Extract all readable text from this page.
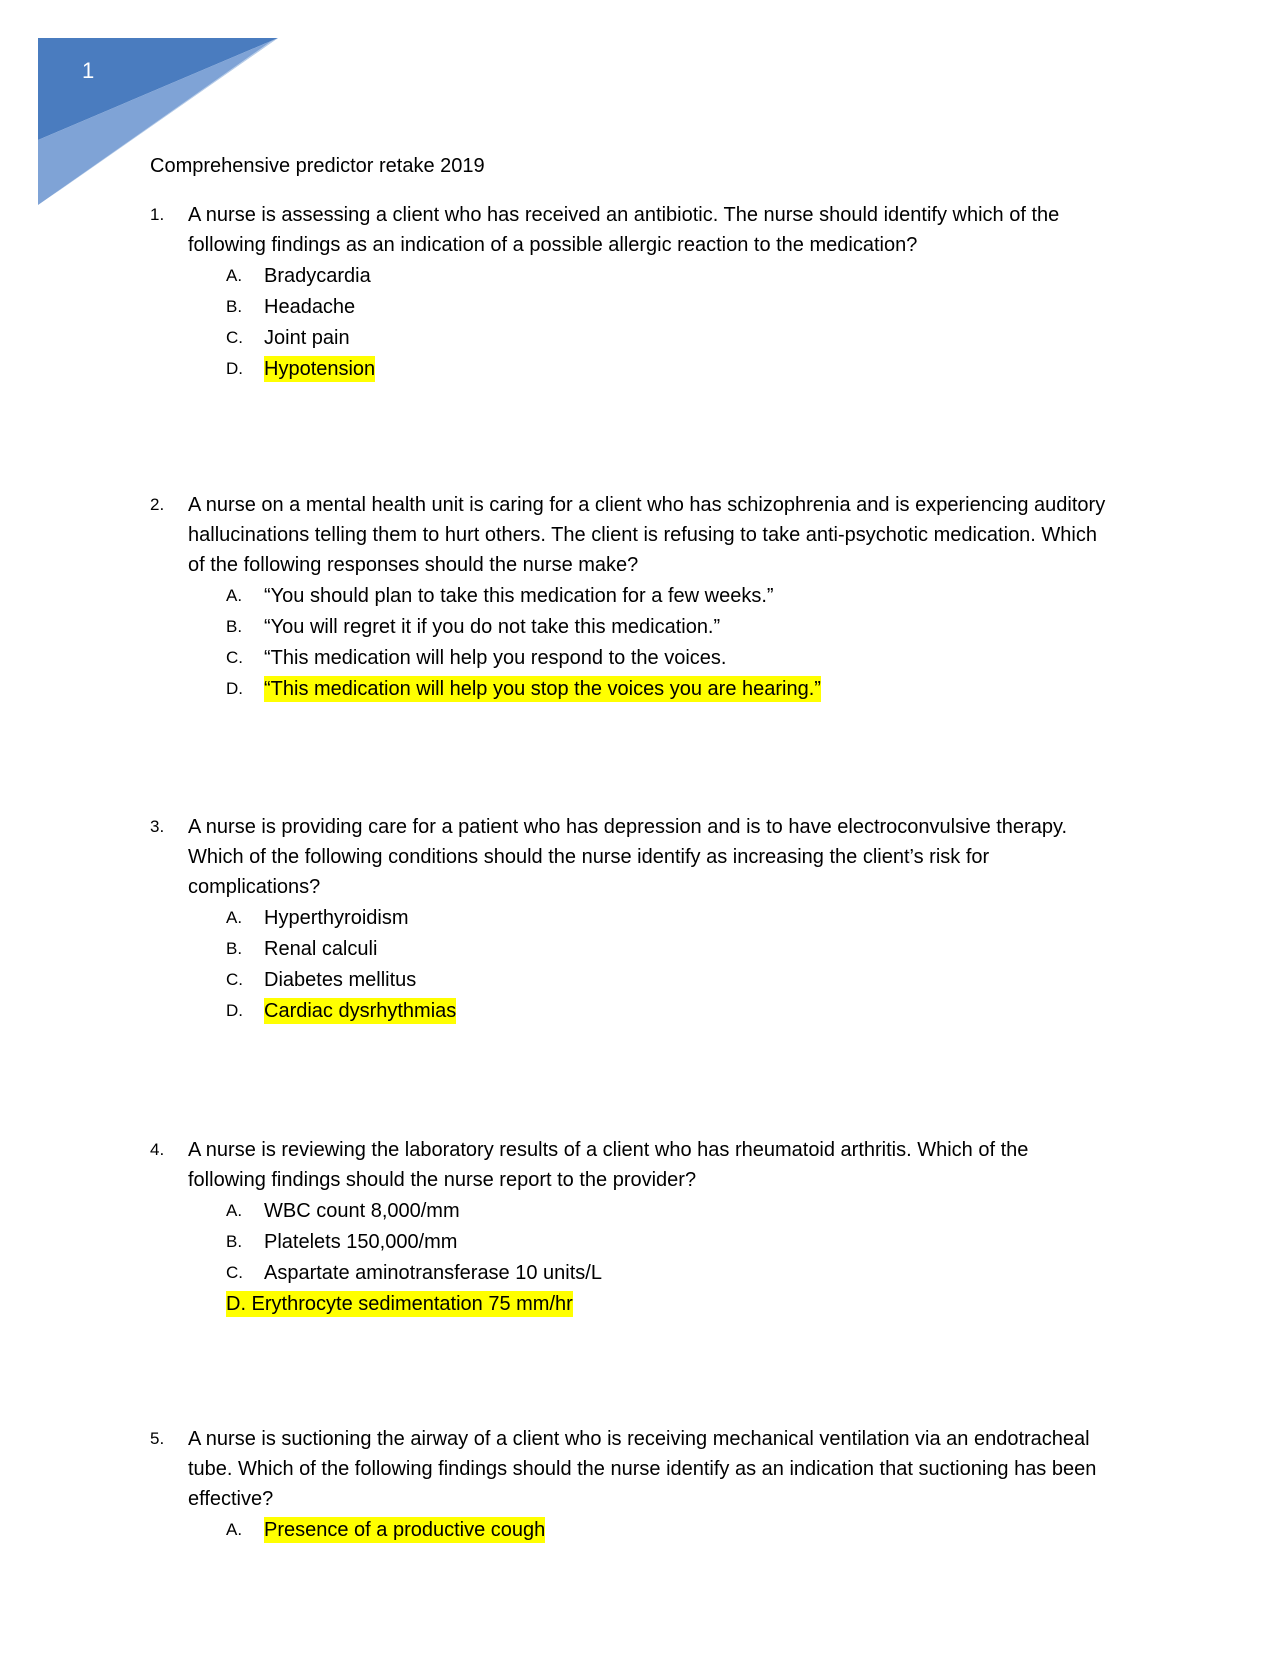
1
Comprehensive predictor retake 2019
1.	A nurse is assessing a client who has received an antibiotic. The nurse should identify which of the following findings as an indication of a possible allergic reaction to the medication?
A.	Bradycardia
B.	Headache
C.	Joint pain
D.	Hypotension
2.	A nurse on a mental health unit is caring for a client who has schizophrenia and is experiencing auditory hallucinations telling them to hurt others. The client is refusing to take anti-psychotic medication. Which of the following responses should the nurse make?
A.	“You should plan to take this medication for a few weeks.”
B.	“You will regret it if you do not take this medication.”
C.	“This medication will help you respond to the voices.
D.	“This medication will help you stop the voices you are hearing.”
3.	A nurse is providing care for a patient who has depression and is to have electroconvulsive therapy. Which of the following conditions should the nurse identify as increasing the client’s risk for complications?
A.	Hyperthyroidism
B.	Renal calculi
C.	Diabetes mellitus
D.	Cardiac dysrhythmias
4.	A nurse is reviewing the laboratory results of a client who has rheumatoid arthritis. Which of the following findings should the nurse report to the provider?
A.	WBC count 8,000/mm
B.	Platelets 150,000/mm
C.	Aspartate aminotransferase 10 units/L
D. Erythrocyte sedimentation 75 mm/hr
5.	A nurse is suctioning the airway of a client who is receiving mechanical ventilation via an endotracheal tube. Which of the following findings should the nurse identify as an indication that suctioning has been effective?
A.	Presence of a productive cough
